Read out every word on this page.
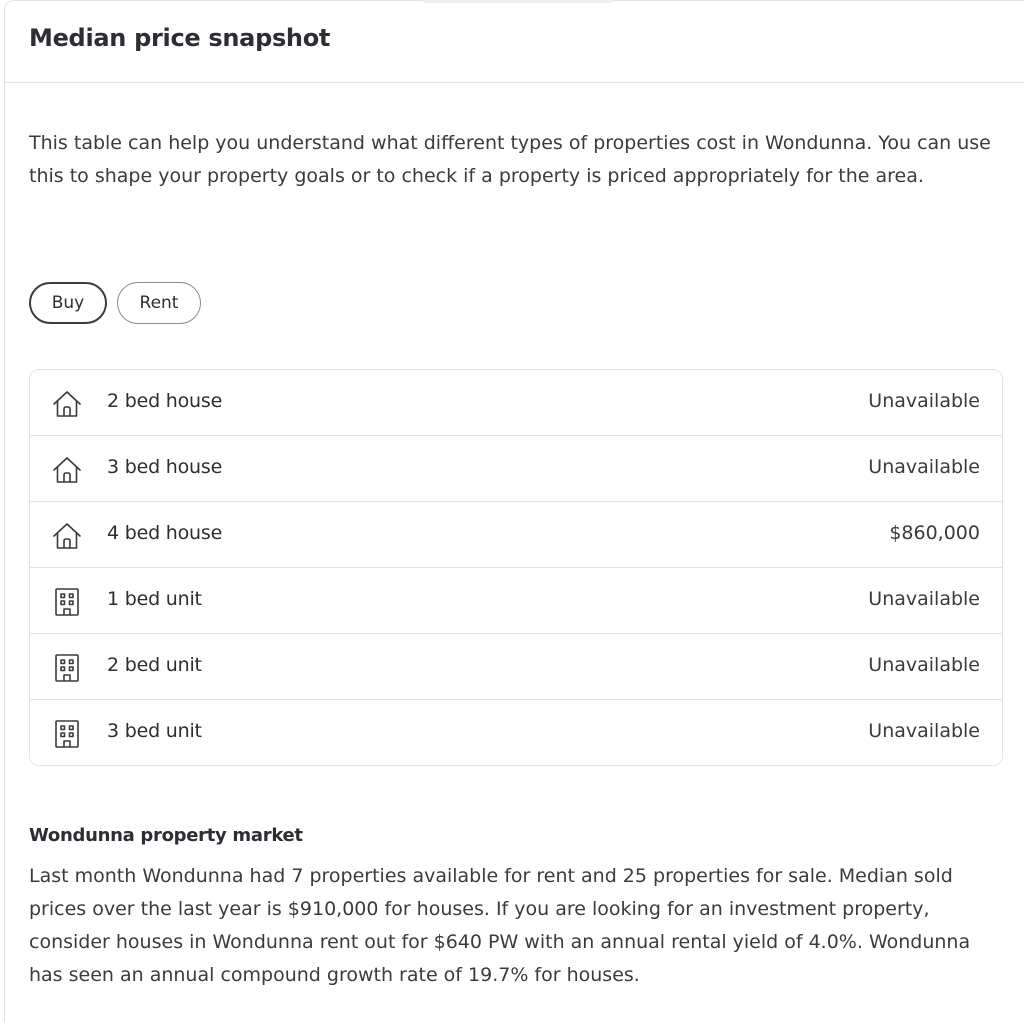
Median price snapshot

This table can help you understand what different types of properties cost in Wondunna. You can use this to shape your property goals or to check if a property is priced appropriately for the area.

Buy	Rent
2 bed house	Unavailable
3 bed house	Unavailable
4 bed house	$860,000
1 bed unit	Unavailable
2 bed unit	Unavailable
3 bed unit	Unavailable
Wondunna property market

Last month Wondunna had 7 properties available for rent and 25 properties for sale. Median sold prices over the last year is $910,000 for houses. If you are looking for an investment property, consider houses in Wondunna rent out for $640 PW with an annual rental yield of 4.0%. Wondunna has seen an annual compound growth rate of 19.7% for houses.
